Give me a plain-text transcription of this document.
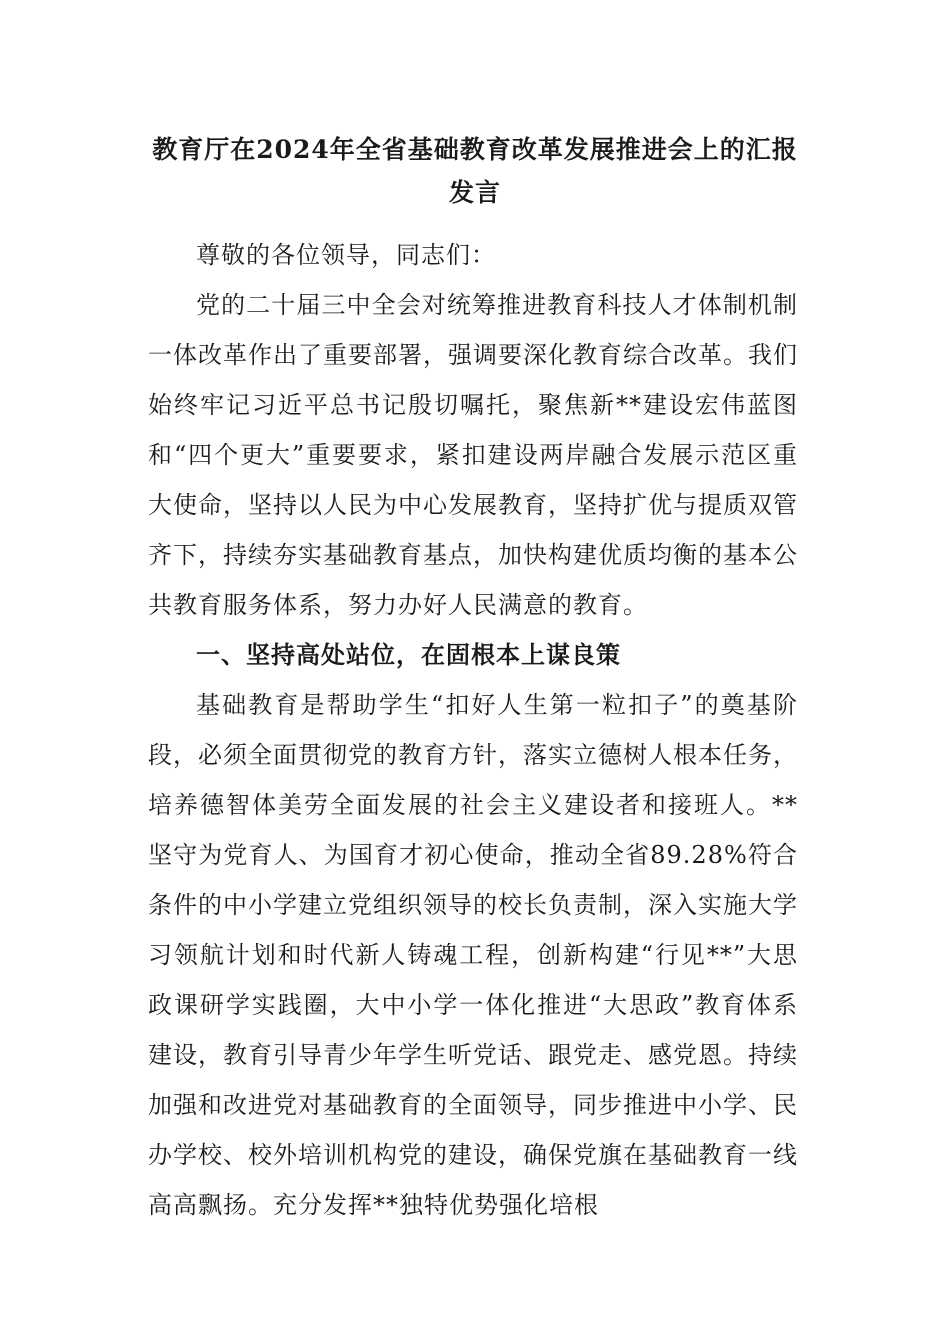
教育厅在2024年全省基础教育改革发展推进会上的汇报发言

尊敬的各位领导，同志们：

党的二十届三中全会对统筹推进教育科技人才体制机制一体改革作出了重要部署，强调要深化教育综合改革。我们始终牢记习近平总书记殷切嘱托，聚焦新**建设宏伟蓝图和“四个更大”重要要求，紧扣建设两岸融合发展示范区重大使命，坚持以人民为中心发展教育，坚持扩优与提质双管齐下，持续夯实基础教育基点，加快构建优质均衡的基本公共教育服务体系，努力办好人民满意的教育。

一、坚持高处站位，在固根本上谋良策

基础教育是帮助学生“扣好人生第一粒扣子”的奠基阶段，必须全面贯彻党的教育方针，落实立德树人根本任务，培养德智体美劳全面发展的社会主义建设者和接班人。**坚守为党育人、为国育才初心使命，推动全省89.28%符合条件的中小学建立党组织领导的校长负责制，深入实施大学习领航计划和时代新人铸魂工程，创新构建“行见**”大思政课研学实践圈，大中小学一体化推进“大思政”教育体系建设，教育引导青少年学生听党话、跟党走、感党恩。持续加强和改进党对基础教育的全面领导，同步推进中小学、民办学校、校外培训机构党的建设，确保党旗在基础教育一线高高飘扬。充分发挥**独特优势强化培根
